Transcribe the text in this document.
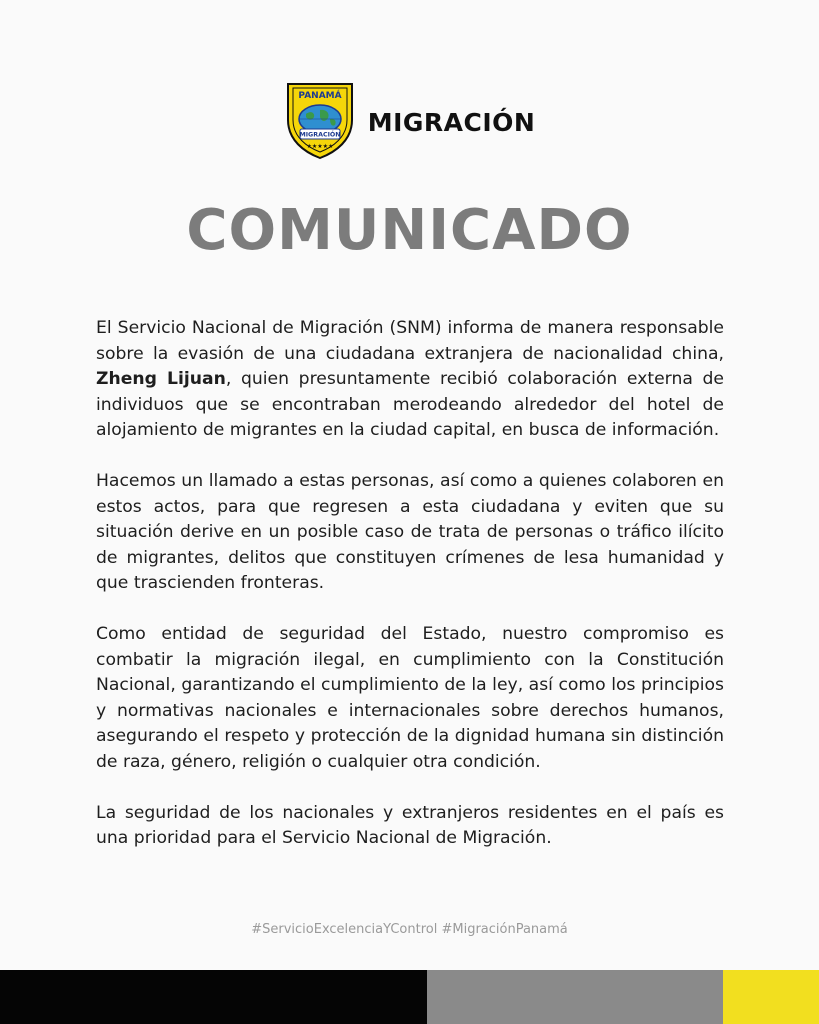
PANAMÁ
MIGRACIÓN
★★★★★
MIGRACIÓN
COMUNICADO

El Servicio Nacional de Migración (SNM) informa de manera responsable sobre la evasión de una ciudadana extranjera de nacionalidad china, Zheng Lijuan, quien presuntamente recibió colaboración externa de individuos que se encontraban merodeando alrededor del hotel de alojamiento de migrantes en la ciudad capital, en busca de información.

Hacemos un llamado a estas personas, así como a quienes colaboren en estos actos, para que regresen a esta ciudadana y eviten que su situación derive en un posible caso de trata de personas o tráfico ilícito de migrantes, delitos que constituyen crímenes de lesa humanidad y que trascienden fronteras.

Como entidad de seguridad del Estado, nuestro compromiso es combatir la migración ilegal, en cumplimiento con la Constitución Nacional, garantizando el cumplimiento de la ley, así como los principios y normativas nacionales e internacionales sobre derechos humanos, asegurando el respeto y protección de la dignidad humana sin distinción de raza, género, religión o cualquier otra condición.

La seguridad de los nacionales y extranjeros residentes en el país es una prioridad para el Servicio Nacional de Migración.

#ServicioExcelenciaYControl #MigraciónPanamá
